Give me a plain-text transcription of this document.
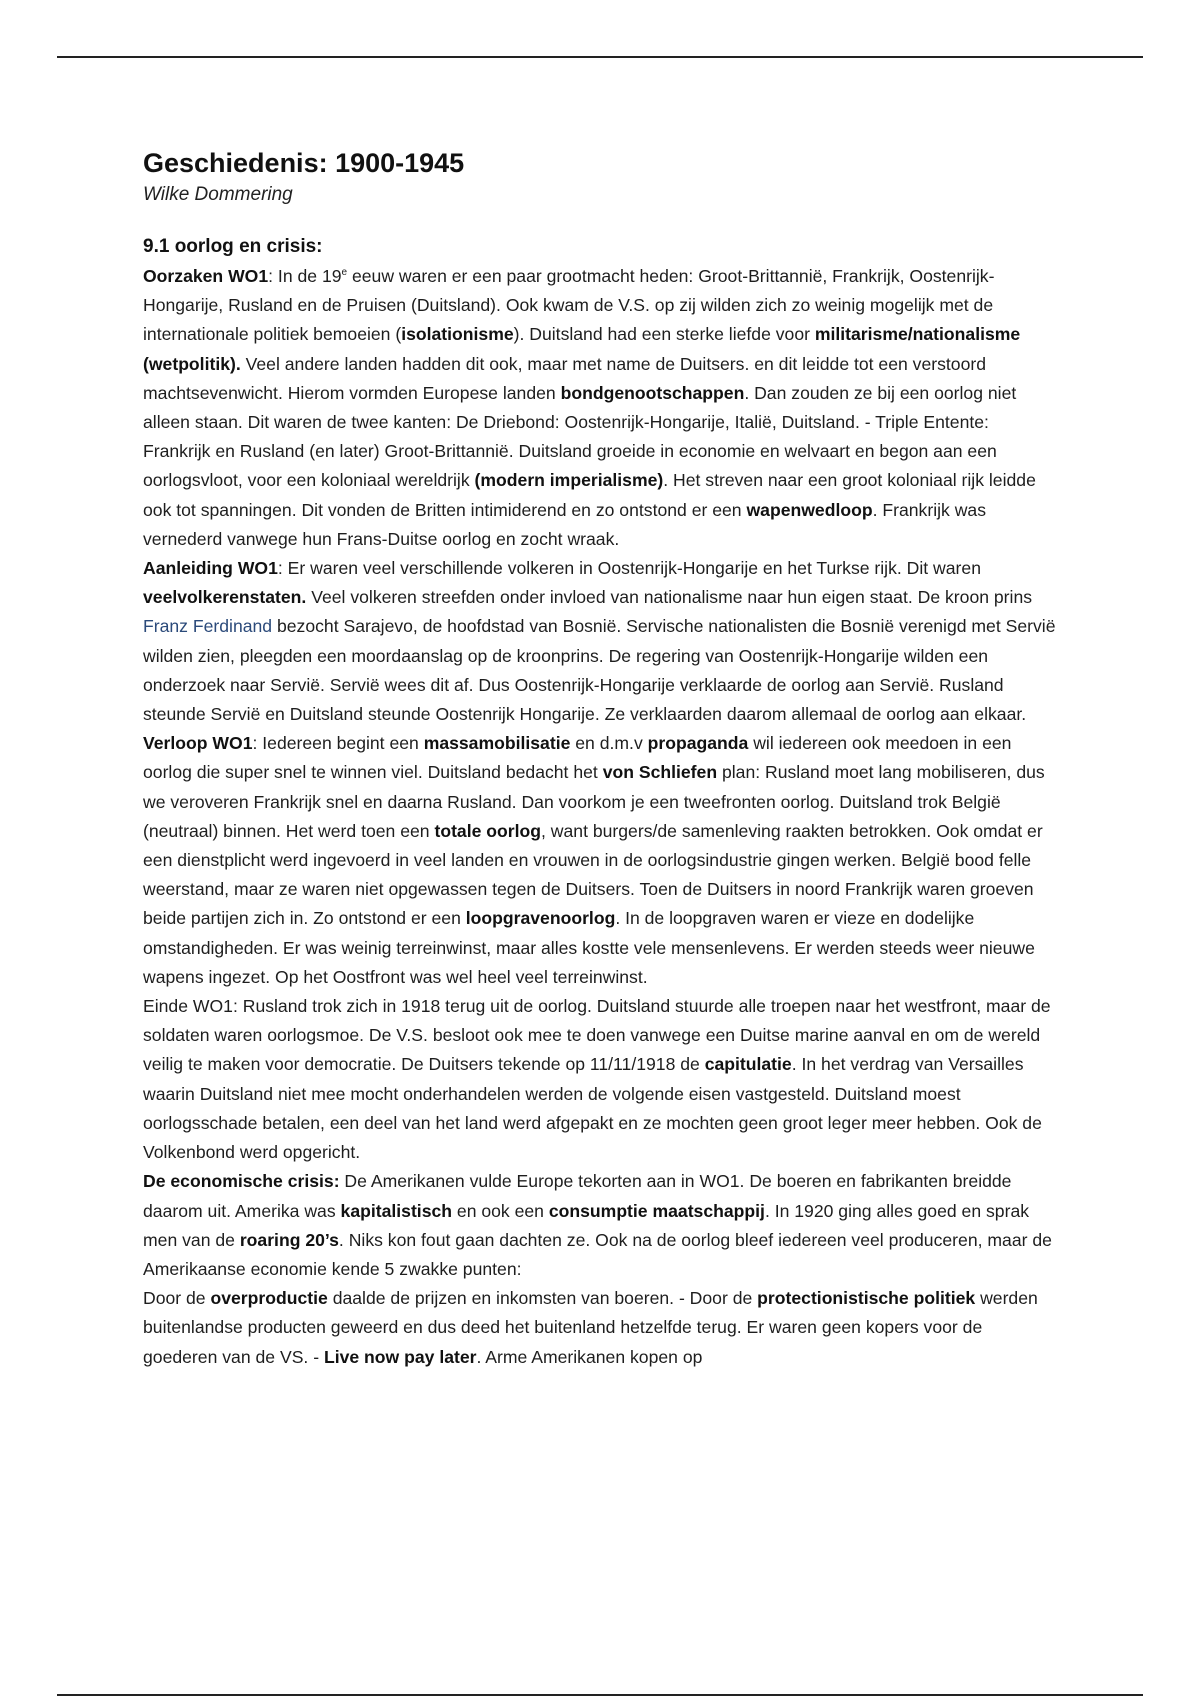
Geschiedenis: 1900-1945
Wilke Dommering
9.1 oorlog en crisis:

Oorzaken WO1: In de 19e eeuw waren er een paar grootmacht heden: Groot-Brittannië, Frankrijk, Oostenrijk-Hongarije, Rusland en de Pruisen (Duitsland). Ook kwam de V.S. op zij wilden zich zo weinig mogelijk met de internationale politiek bemoeien (isolationisme). Duitsland had een sterke liefde voor militarisme/nationalisme (wetpolitik). Veel andere landen hadden dit ook, maar met name de Duitsers. en dit leidde tot een verstoord machtsevenwicht. Hierom vormden Europese landen bondgenootschappen. Dan zouden ze bij een oorlog niet alleen staan. Dit waren de twee kanten: De Driebond: Oostenrijk-Hongarije, Italië, Duitsland. - Triple Entente: Frankrijk en Rusland (en later) Groot-Brittannië. Duitsland groeide in economie en welvaart en begon aan een oorlogsvloot, voor een koloniaal wereldrijk (modern imperialisme). Het streven naar een groot koloniaal rijk leidde ook tot spanningen. Dit vonden de Britten intimiderend en zo ontstond er een wapenwedloop. Frankrijk was vernederd vanwege hun Frans-Duitse oorlog en zocht wraak.

Aanleiding WO1: Er waren veel verschillende volkeren in Oostenrijk-Hongarije en het Turkse rijk. Dit waren veelvolkerenstaten. Veel volkeren streefden onder invloed van nationalisme naar hun eigen staat. De kroon prins Franz Ferdinand bezocht Sarajevo, de hoofdstad van Bosnië. Servische nationalisten die Bosnië verenigd met Servië wilden zien, pleegden een moordaanslag op de kroonprins. De regering van Oostenrijk-Hongarije wilden een onderzoek naar Servië. Servië wees dit af. Dus Oostenrijk-Hongarije verklaarde de oorlog aan Servië. Rusland steunde Servië en Duitsland steunde Oostenrijk Hongarije. Ze verklaarden daarom allemaal de oorlog aan elkaar.

Verloop WO1: Iedereen begint een massamobilisatie en d.m.v propaganda wil iedereen ook meedoen in een oorlog die super snel te winnen viel. Duitsland bedacht het von Schliefen plan: Rusland moet lang mobiliseren, dus we veroveren Frankrijk snel en daarna Rusland. Dan voorkom je een tweefronten oorlog. Duitsland trok België (neutraal) binnen. Het werd toen een totale oorlog, want burgers/de samenleving raakten betrokken. Ook omdat er een dienstplicht werd ingevoerd in veel landen en vrouwen in de oorlogsindustrie gingen werken. België bood felle weerstand, maar ze waren niet opgewassen tegen de Duitsers. Toen de Duitsers in noord Frankrijk waren groeven beide partijen zich in. Zo ontstond er een loopgravenoorlog. In de loopgraven waren er vieze en dodelijke omstandigheden. Er was weinig terreinwinst, maar alles kostte vele mensenlevens. Er werden steeds weer nieuwe wapens ingezet. Op het Oostfront was wel heel veel terreinwinst.

Einde WO1: Rusland trok zich in 1918 terug uit de oorlog. Duitsland stuurde alle troepen naar het westfront, maar de soldaten waren oorlogsmoe. De V.S. besloot ook mee te doen vanwege een Duitse marine aanval en om de wereld veilig te maken voor democratie. De Duitsers tekende op 11/11/1918 de capitulatie. In het verdrag van Versailles waarin Duitsland niet mee mocht onderhandelen werden de volgende eisen vastgesteld. Duitsland moest oorlogsschade betalen, een deel van het land werd afgepakt en ze mochten geen groot leger meer hebben. Ook de Volkenbond werd opgericht.

De economische crisis: De Amerikanen vulde Europe tekorten aan in WO1. De boeren en fabrikanten breidde daarom uit. Amerika was kapitalistisch en ook een consumptie maatschappij. In 1920 ging alles goed en sprak men van de roaring 20’s. Niks kon fout gaan dachten ze. Ook na de oorlog bleef iedereen veel produceren, maar de Amerikaanse economie kende 5 zwakke punten:

Door de overproductie daalde de prijzen en inkomsten van boeren. - Door de protectionistische politiek werden buitenlandse producten geweerd en dus deed het buitenland hetzelfde terug. Er waren geen kopers voor de goederen van de VS. - Live now pay later. Arme Amerikanen kopen op
